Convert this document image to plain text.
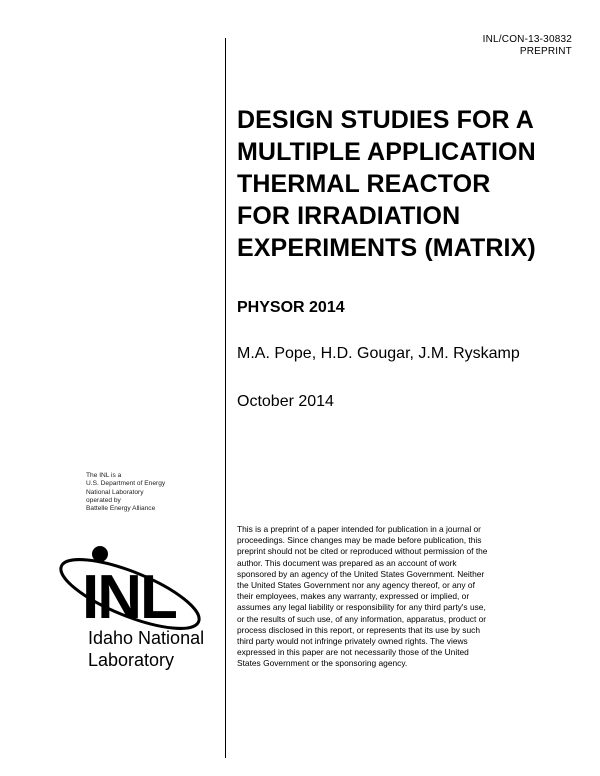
INL/CON-13-30832
PREPRINT
DESIGN STUDIES FOR A
MULTIPLE APPLICATION
THERMAL REACTOR
FOR IRRADIATION
EXPERIMENTS (MATRIX)
PHYSOR 2014
M.A. Pope, H.D. Gougar, J.M. Ryskamp
October 2014
The INL is a
U.S. Department of Energy
National Laboratory
operated by
Battelle Energy Alliance
INL
Idaho National
Laboratory
This is a preprint of a paper intended for publication in a journal or
proceedings. Since changes may be made before publication, this
preprint should not be cited or reproduced without permission of the
author. This document was prepared as an account of work
sponsored by an agency of the United States Government. Neither
the United States Government nor any agency thereof, or any of
their employees, makes any warranty, expressed or implied, or
assumes any legal liability or responsibility for any third party's use,
or the results of such use, of any information, apparatus, product or
process disclosed in this report, or represents that its use by such
third party would not infringe privately owned rights. The views
expressed in this paper are not necessarily those of the United
States Government or the sponsoring agency.
